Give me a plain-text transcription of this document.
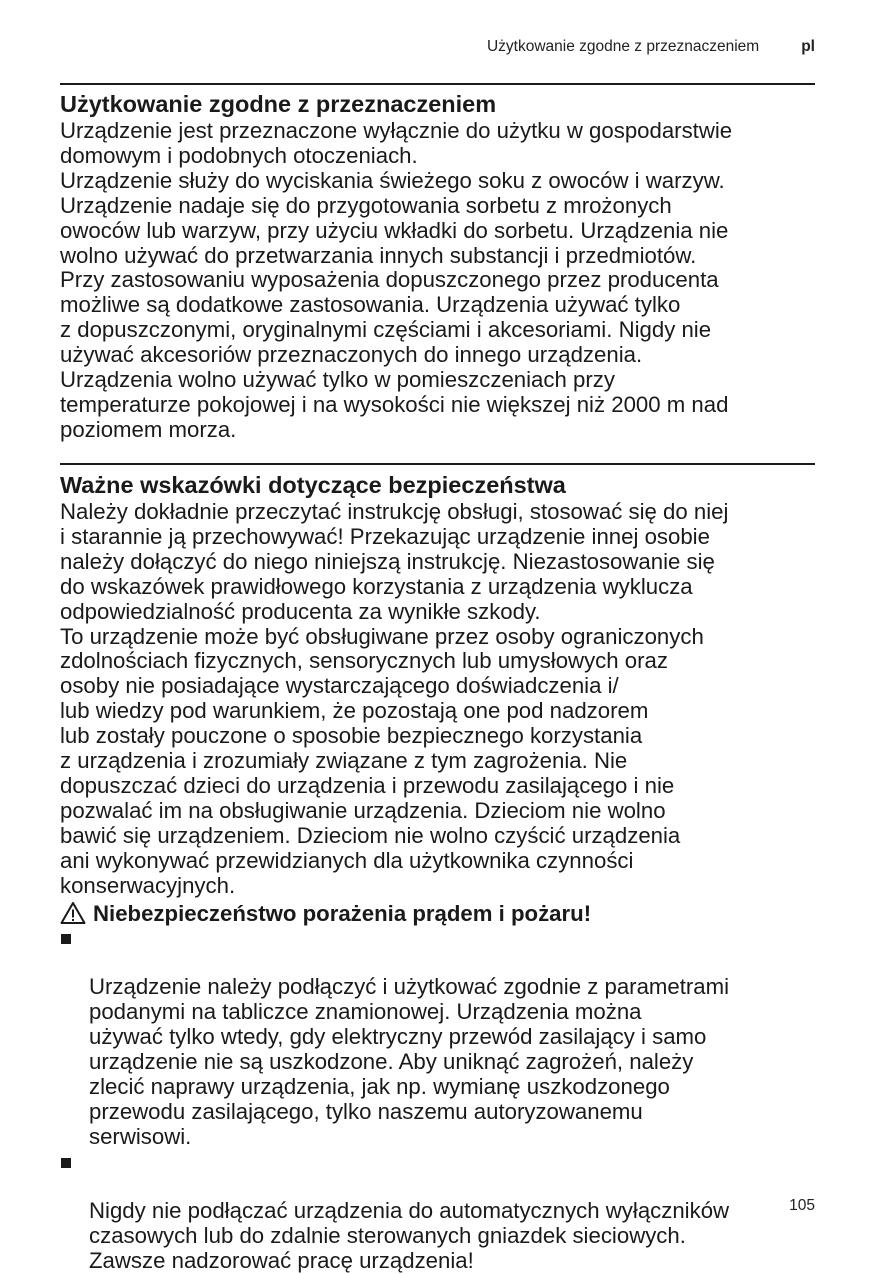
Użytkowanie zgodne z przeznaczeniem	pl
Użytkowanie zgodne z przeznaczeniem

Urządzenie jest przeznaczone wyłącznie do użytku w gospodarstwie
domowym i podobnych otoczeniach.
Urządzenie służy do wyciskania świeżego soku z owoców i warzyw.
Urządzenie nadaje się do przygotowania sorbetu z mrożonych
owoców lub warzyw, przy użyciu wkładki do sorbetu. Urządzenia nie
wolno używać do przetwarzania innych substancji i przedmiotów.
Przy zastosowaniu wyposażenia dopuszczonego przez producenta
możliwe są dodatkowe zastosowania. Urządzenia używać tylko
z dopuszczonymi, oryginalnymi częściami i akcesoriami. Nigdy nie
używać akcesoriów przeznaczonych do innego urządzenia.
Urządzenia wolno używać tylko w pomieszczeniach przy
temperaturze pokojowej i na wysokości nie większej niż 2000 m nad
poziomem morza.

Ważne wskazówki dotyczące bezpieczeństwa

Należy dokładnie przeczytać instrukcję obsługi, stosować się do niej
i starannie ją przechowywać! Przekazując urządzenie innej osobie
należy dołączyć do niego niniejszą instrukcję. Niezastosowanie się
do wskazówek prawidłowego korzystania z urządzenia wyklucza
odpowiedzialność producenta za wynikłe szkody.
To urządzenie może być obsługiwane przez osoby ograniczonych
zdolnościach fizycznych, sensorycznych lub umysłowych oraz
osoby nie posiadające wystarczającego doświadczenia i/
lub wiedzy pod warunkiem, że pozostają one pod nadzorem
lub zostały pouczone o sposobie bezpiecznego korzystania
z urządzenia i zrozumiały związane z tym zagrożenia. Nie
dopuszczać dzieci do urządzenia i przewodu zasilającego i nie
pozwalać im na obsługiwanie urządzenia. Dzieciom nie wolno
bawić się urządzeniem. Dzieciom nie wolno czyścić urządzenia
ani wykonywać przewidzianych dla użytkownika czynności
konserwacyjnych.

Niebezpieczeństwo porażenia prądem i pożaru!

Urządzenie należy podłączyć i użytkować zgodnie z parametrami
podanymi na tabliczce znamionowej. Urządzenia można
używać tylko wtedy, gdy elektryczny przewód zasilający i samo
urządzenie nie są uszkodzone. Aby uniknąć zagrożeń, należy
zlecić naprawy urządzenia, jak np. wymianę uszkodzonego
przewodu zasilającego, tylko naszemu autoryzowanemu
serwisowi.

Nigdy nie podłączać urządzenia do automatycznych wyłączników
czasowych lub do zdalnie sterowanych gniazdek sieciowych.
Zawsze nadzorować pracę urządzenia!

105
